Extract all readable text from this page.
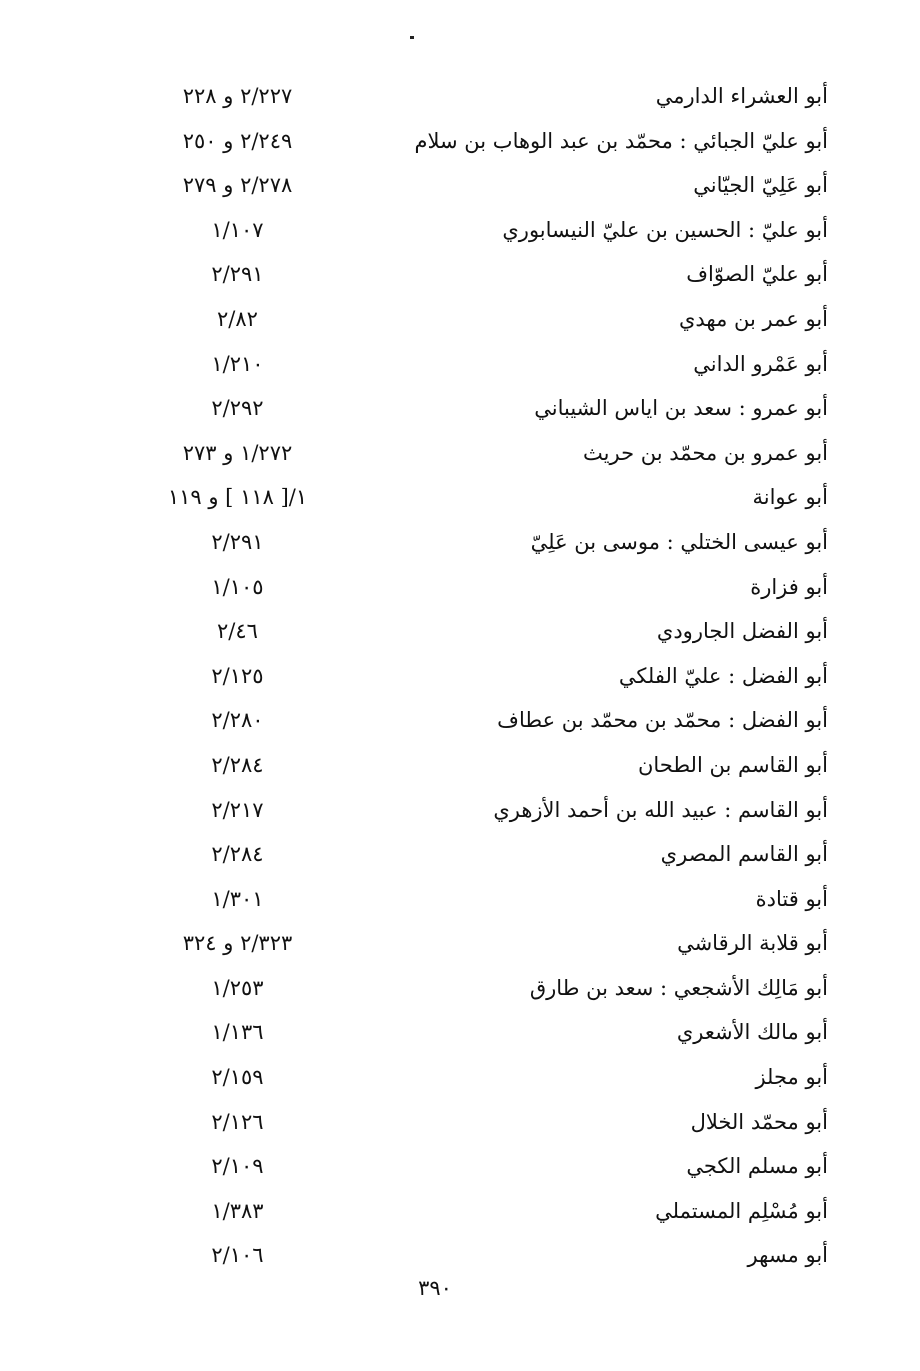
أبو العشراء الدارمي
٢/٢٢٧ و ٢٢٨
أبو عليّ الجبائي : محمّد بن عبد الوهاب بن سلام
٢/٢٤٩ و ٢٥٠
أبو عَلِيّ الجيّاني
٢/٢٧٨ و ٢٧٩
أبو عليّ : الحسين بن عليّ النيسابوري
١/١٠٧
أبو عليّ الصوّاف
٢/٢٩١
أبو عمر بن مهدي
٢/٨٢
أبو عَمْرو الداني
١/٢١٠
أبو عمرو : سعد بن اياس الشيباني
٢/٢٩٢
أبو عمرو بن محمّد بن حريث
١/٢٧٢ و ٢٧٣
أبو عوانة
١/[ ١١٨ ] و ١١٩
أبو عيسى الختلي : موسى بن عَلِيّ
٢/٢٩١
أبو فزارة
١/١٠٥
أبو الفضل الجارودي
٢/٤٦
أبو الفضل : عليّ الفلكي
٢/١٢٥
أبو الفضل : محمّد بن محمّد بن عطاف
٢/٢٨٠
أبو القاسم بن الطحان
٢/٢٨٤
أبو القاسم : عبيد الله بن أحمد الأزهري
٢/٢١٧
أبو القاسم المصري
٢/٢٨٤
أبو قتادة
١/٣٠١
أبو قلابة الرقاشي
٢/٣٢٣ و ٣٢٤
أبو مَالِك الأشجعي : سعد بن طارق
١/٢٥٣
أبو مالك الأشعري
١/١٣٦
أبو مجلز
٢/١٥٩
أبو محمّد الخلال
٢/١٢٦
أبو مسلم الكجي
٢/١٠٩
أبو مُسْلِم المستملي
١/٣٨٣
أبو مسهر
٢/١٠٦
٣٩٠
